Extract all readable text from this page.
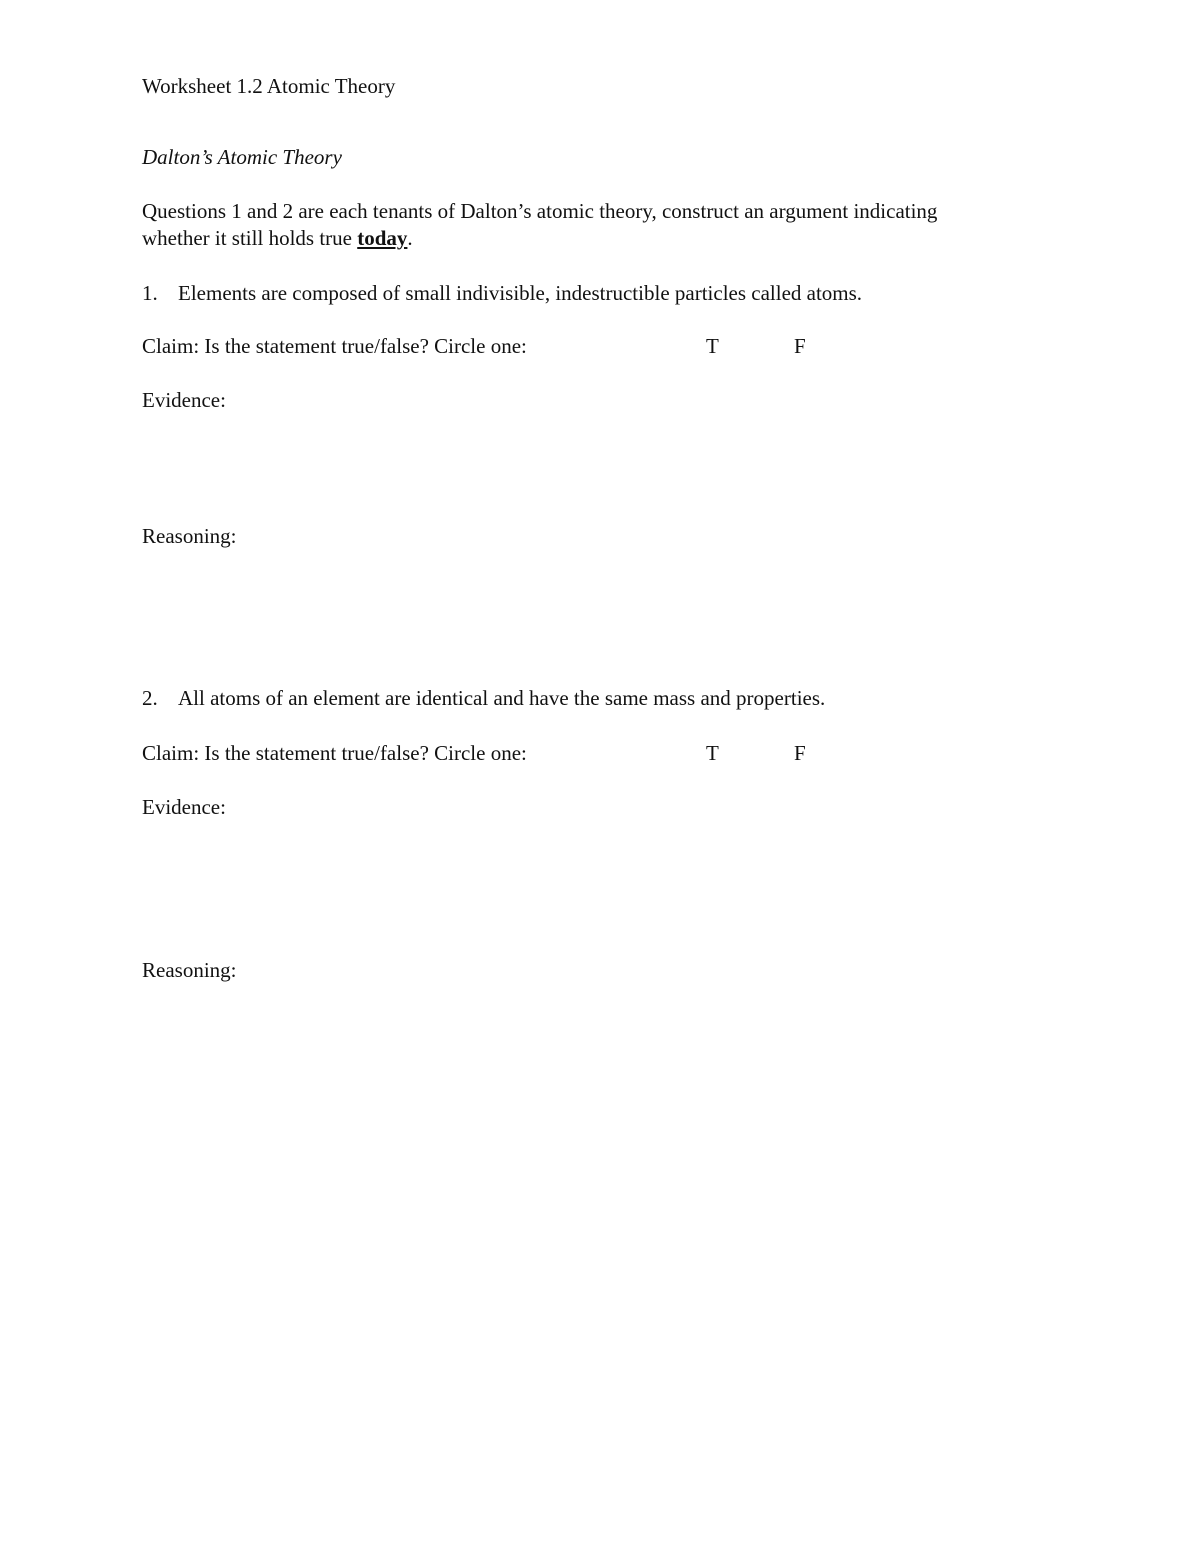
Worksheet 1.2 Atomic Theory
Dalton’s Atomic Theory
Questions 1 and 2 are each tenants of Dalton’s atomic theory, construct an argument indicating
whether it still holds true today.
1. Elements are composed of small indivisible, indestructible particles called atoms.
Claim: Is the statement true/false? Circle one:	T	F
Evidence:
Reasoning:
2. All atoms of an element are identical and have the same mass and properties.
Claim: Is the statement true/false? Circle one:	T	F
Evidence:
Reasoning:
